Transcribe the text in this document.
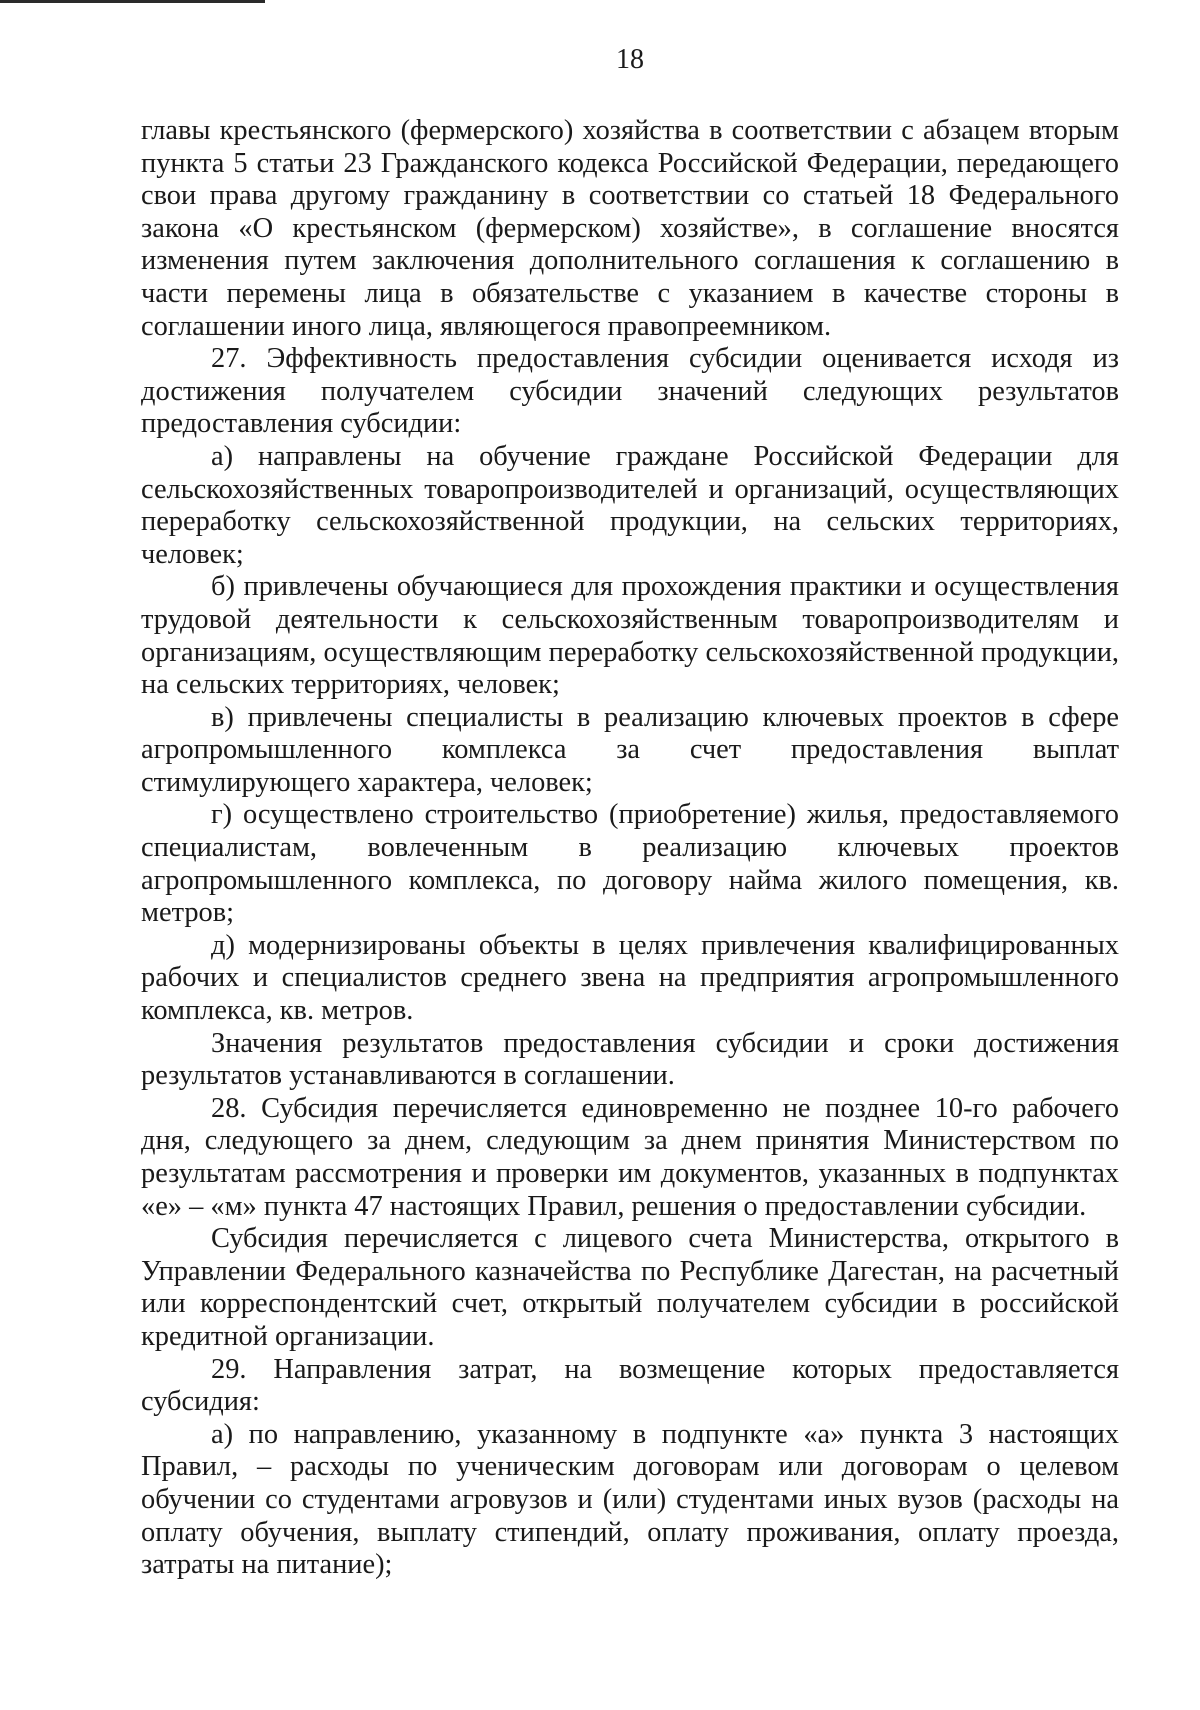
18

главы крестьянского (фермерского) хозяйства в соответствии с абзацем вторым пункта 5 статьи 23 Гражданского кодекса Российской Федерации, передающего свои права другому гражданину в соответствии со статьей 18 Федерального закона «О крестьянском (фермерском) хозяйстве», в соглашение вносятся изменения путем заключения дополнительного соглашения к соглашению в части перемены лица в обязательстве с указанием в качестве стороны в соглашении иного лица, являющегося правопреемником.

27. Эффективность предоставления субсидии оценивается исходя из достижения получателем субсидии значений следующих результатов предоставления субсидии:

а) направлены на обучение граждане Российской Федерации для сельскохозяйственных товаропроизводителей и организаций, осуществляющих переработку сельскохозяйственной продукции, на сельских территориях, человек;

б) привлечены обучающиеся для прохождения практики и осуществления трудовой деятельности к сельскохозяйственным товаропроизводителям и организациям, осуществляющим переработку сельскохозяйственной продукции, на сельских территориях, человек;

в) привлечены специалисты в реализацию ключевых проектов в сфере агропромышленного комплекса за счет предоставления выплат стимулирующего характера, человек;

г) осуществлено строительство (приобретение) жилья, предоставляемого специалистам, вовлеченным в реализацию ключевых проектов агропромышленного комплекса, по договору найма жилого помещения, кв. метров;

д) модернизированы объекты в целях привлечения квалифицированных рабочих и специалистов среднего звена на предприятия агропромышленного комплекса, кв. метров.

Значения результатов предоставления субсидии и сроки достижения результатов устанавливаются в соглашении.

28. Субсидия перечисляется единовременно не позднее 10-го рабочего дня, следующего за днем, следующим за днем принятия Министерством по результатам рассмотрения и проверки им документов, указанных в подпунктах «е» – «м» пункта 47 настоящих Правил, решения о предоставлении субсидии.

Субсидия перечисляется с лицевого счета Министерства, открытого в Управлении Федерального казначейства по Республике Дагестан, на расчетный или корреспондентский счет, открытый получателем субсидии в российской кредитной организации.

29. Направления затрат, на возмещение которых предоставляется субсидия:

а) по направлению, указанному в подпункте «а» пункта 3 настоящих Правил, – расходы по ученическим договорам или договорам о целевом обучении со студентами агровузов и (или) студентами иных вузов (расходы на оплату обучения, выплату стипендий, оплату проживания, оплату проезда, затраты на питание);
